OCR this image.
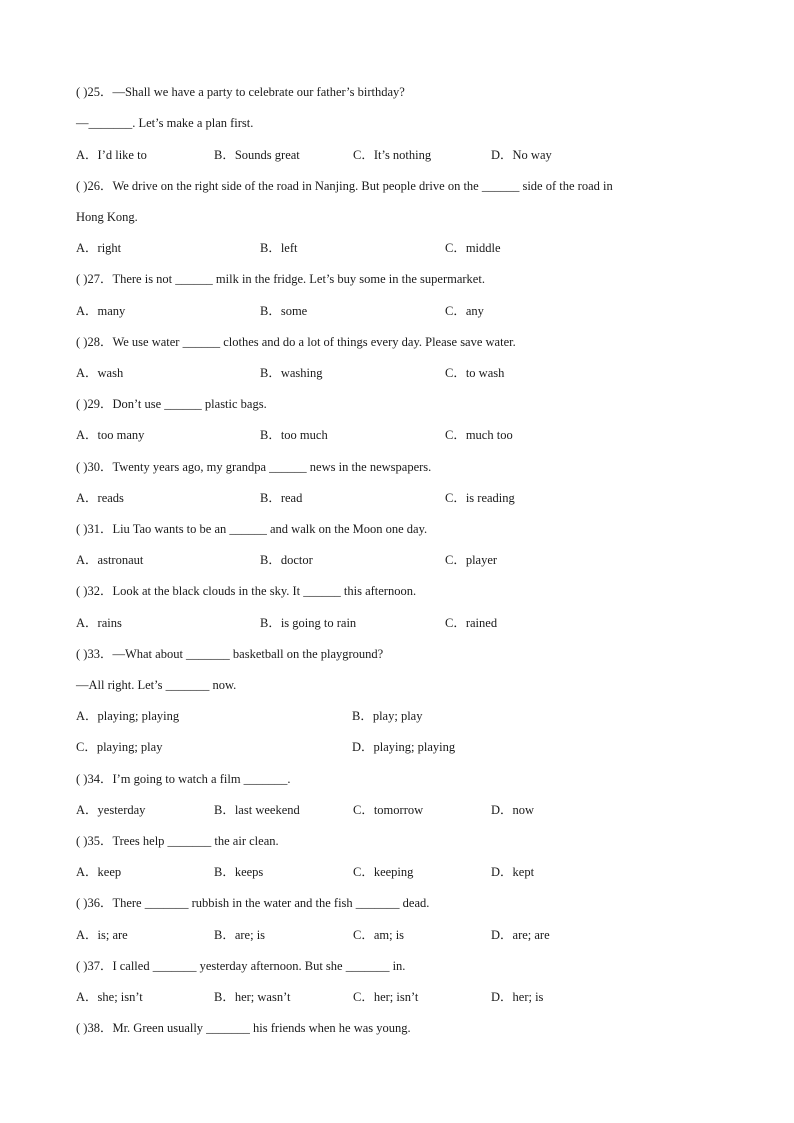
( )25．—Shall we have a party to celebrate our father’s birthday?
—_______. Let’s make a plan first.
A．I’d like to	B．Sounds great	C．It’s nothing	D．No way
( )26．We drive on the right side of the road in Nanjing. But people drive on the ______ side of the road in
Hong Kong.
A．right	B．left	C．middle
( )27．There is not ______ milk in the fridge. Let’s buy some in the supermarket.
A．many	B．some	C．any
( )28．We use water ______ clothes and do a lot of things every day. Please save water.
A．wash	B．washing	C．to wash
( )29．Don’t use ______ plastic bags.
A．too many	B．too much	C．much too
( )30．Twenty years ago, my grandpa ______ news in the newspapers.
A．reads	B．read	C．is reading
( )31．Liu Tao wants to be an ______ and walk on the Moon one day.
A．astronaut	B．doctor	C．player
( )32．Look at the black clouds in the sky. It ______ this afternoon.
A．rains	B．is going to rain	C．rained
( )33．—What about _______ basketball on the playground?
—All right. Let’s _______ now.
A．playing; playing	B．play; play
C．playing; play	D．playing; playing
( )34．I’m going to watch a film _______.
A．yesterday	B．last weekend	C．tomorrow	D．now
( )35．Trees help _______ the air clean.
A．keep	B．keeps	C．keeping	D．kept
( )36．There _______ rubbish in the water and the fish _______ dead.
A．is; are	B．are; is	C．am; is	D．are; are
( )37．I called _______ yesterday afternoon. But she _______ in.
A．she; isn’t	B．her; wasn’t	C．her; isn’t	D．her; is
( )38．Mr. Green usually _______ his friends when he was young.
